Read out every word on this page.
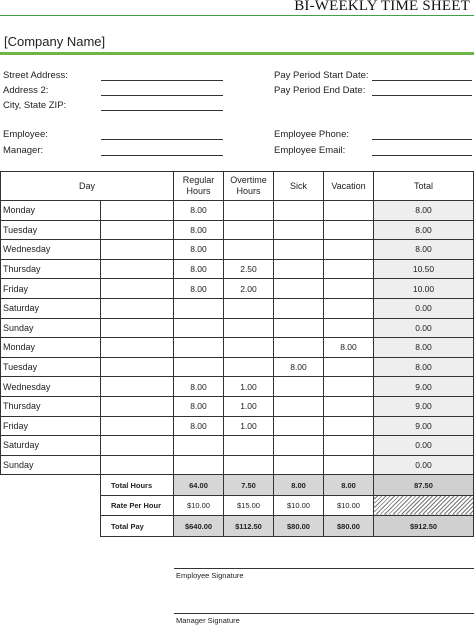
BI-WEEKLY TIME SHEET
[Company Name]
Street Address:
Address 2:
City, State ZIP:
Employee:
Manager:
Pay Period Start Date:
Pay Period End Date:
Employee Phone:
Employee Email:
Day		Regular Hours	Overtime Hours	Sick	Vacation	Total
Monday		8.00				8.00
Tuesday		8.00				8.00
Wednesday		8.00				8.00
Thursday		8.00	2.50			10.50
Friday		8.00	2.00			10.00
Saturday						0.00
Sunday						0.00
Monday					8.00	8.00
Tuesday				8.00		8.00
Wednesday		8.00	1.00			9.00
Thursday		8.00	1.00			9.00
Friday		8.00	1.00			9.00
Saturday						0.00
Sunday						0.00
	Total Hours	64.00	7.50	8.00	8.00	87.50
	Rate Per Hour	$10.00	$15.00	$10.00	$10.00	
	Total Pay	$640.00	$112.50	$80.00	$80.00	$912.50
Employee Signature
Manager Signature
